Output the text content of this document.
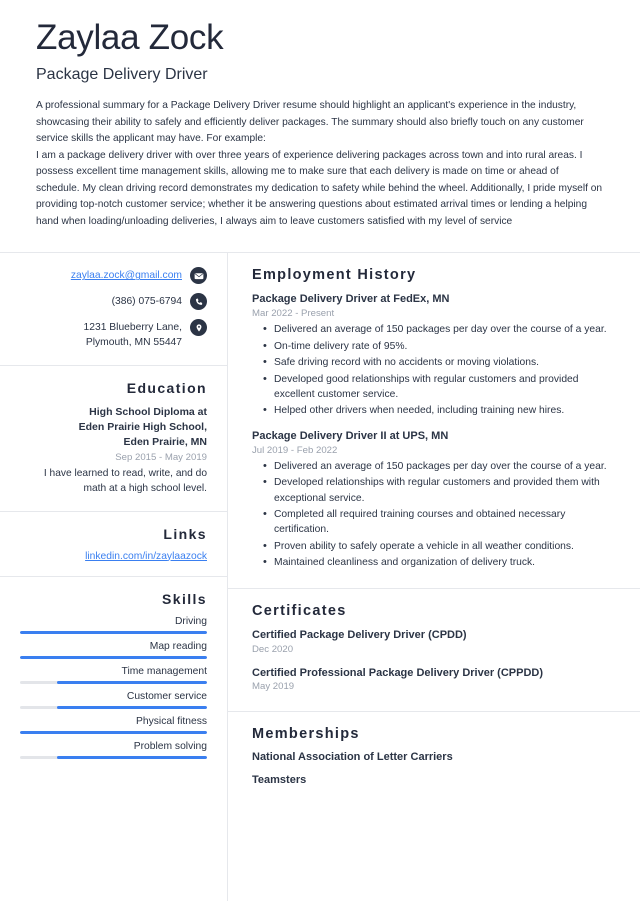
Zaylaa Zock
Package Delivery Driver

A professional summary for a Package Delivery Driver resume should highlight an applicant's experience in the industry, showcasing their ability to safely and efficiently deliver packages. The summary should also briefly touch on any customer service skills the applicant may have. For example:

I am a package delivery driver with over three years of experience delivering packages across town and into rural areas. I possess excellent time management skills, allowing me to make sure that each delivery is made on time or ahead of schedule. My clean driving record demonstrates my dedication to safety while behind the wheel. Additionally, I pride myself on providing top-notch customer service; whether it be answering questions about estimated arrival times or lending a helping hand when loading/unloading deliveries, I always aim to leave customers satisfied with my level of service

zaylaa.zock@gmail.com
(386) 075-6794
1231 Blueberry Lane,
Plymouth, MN 55447
Education
High School Diploma at
Eden Prairie High School,
Eden Prairie, MN
Sep 2015 - May 2019
I have learned to read, write, and do math at a high school level.
Links
linkedin.com/in/zaylaazock
Skills
Driving
Map reading
Time management
Customer service
Physical fitness
Problem solving
Employment History
Package Delivery Driver at FedEx, MN
Mar 2022 - Present
• Delivered an average of 150 packages per day over the course of a year.
• On-time delivery rate of 95%.
• Safe driving record with no accidents or moving violations.
• Developed good relationships with regular customers and provided excellent customer service.
• Helped other drivers when needed, including training new hires.
Package Delivery Driver II at UPS, MN
Jul 2019 - Feb 2022
• Delivered an average of 150 packages per day over the course of a year.
• Developed relationships with regular customers and provided them with exceptional service.
• Completed all required training courses and obtained necessary certification.
• Proven ability to safely operate a vehicle in all weather conditions.
• Maintained cleanliness and organization of delivery truck.
Certificates
Certified Package Delivery Driver (CPDD)
Dec 2020
Certified Professional Package Delivery Driver (CPPDD)
May 2019
Memberships
National Association of Letter Carriers
Teamsters
